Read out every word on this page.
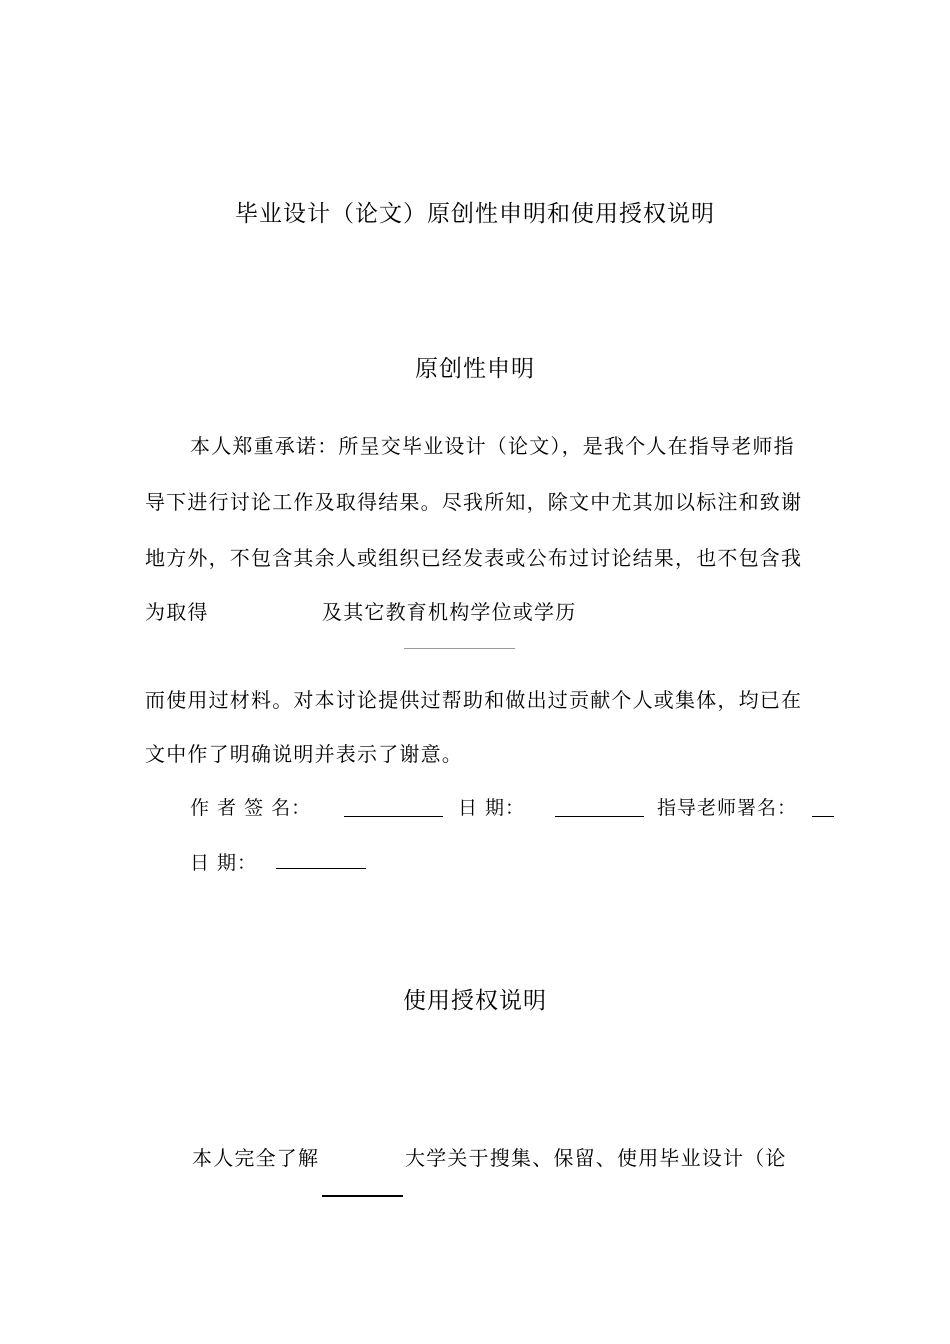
毕业设计（论文）原创性申明和使用授权说明
原创性申明
本人郑重承诺：所呈交毕业设计（论文），是我个人在指导老师指
导下进行讨论工作及取得结果。尽我所知，除文中尤其加以标注和致谢
地方外，不包含其余人或组织已经发表或公布过讨论结果，也不包含我
为取得	及其它教育机构学位或学历
而使用过材料。对本讨论提供过帮助和做出过贡献个人或集体，均已在
文中作了明确说明并表示了谢意。
作 者 签 名：	日 期：	指导老师署名：
日 期：
使用授权说明
本人完全了解	大学关于搜集、保留、使用毕业设计（论
